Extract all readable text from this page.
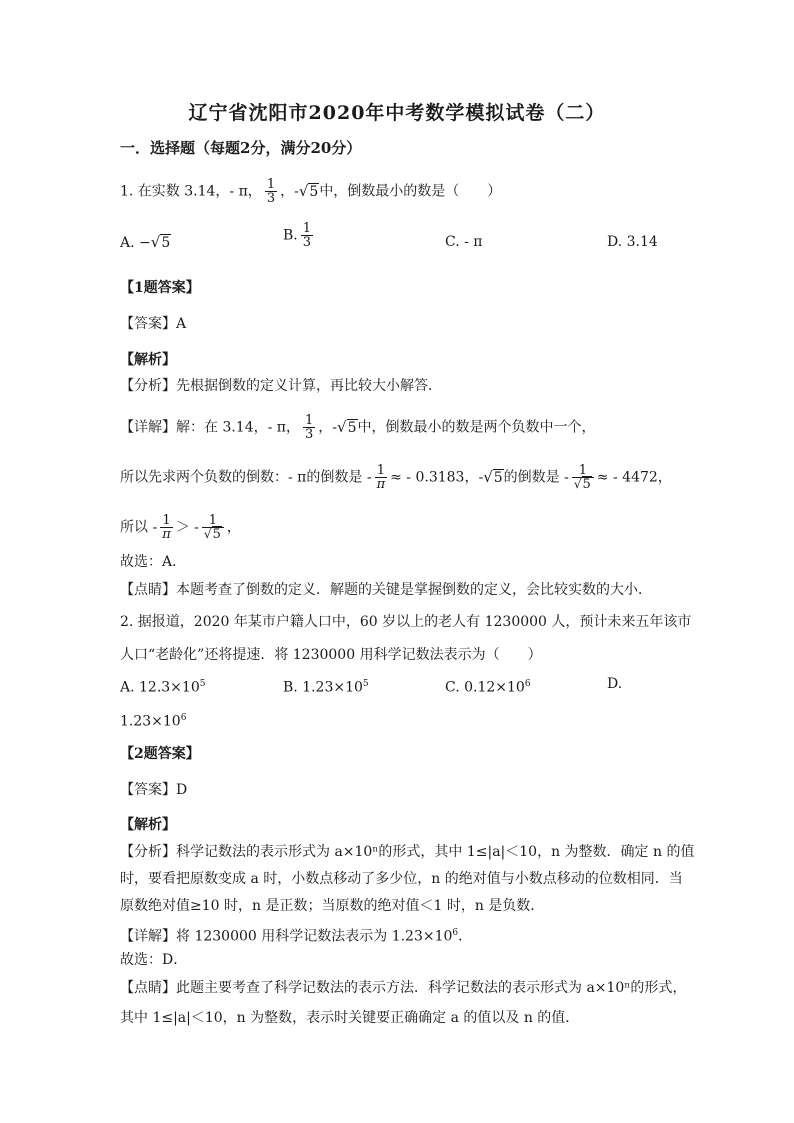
辽宁省沈阳市2020年中考数学模拟试卷（二）
一．选择题（每题2分，满分20分）
1. 在实数 3.14，- π， $\frac{1}{3}$ ，-√5中，倒数最小的数是（　　）
A. −√5	B. $\frac{1}{3}$	C. - π	D. 3.14
【1题答案】
【答案】A
【解析】
【分析】先根据倒数的定义计算，再比较大小解答．
【详解】解：在 3.14，- π， $\frac{1}{3}$ ，-√5中，倒数最小的数是两个负数中一个，
所以先求两个负数的倒数：- π的倒数是 - $\frac{1}{\pi}$ ≈ - 0.3183，-√5的倒数是 - $\frac{1}{√5}$ ≈ - 4472，
所以 - $\frac{1}{\pi}$ ＞ - $\frac{1}{√5}$ ，
故选：A．
【点睛】本题考查了倒数的定义．解题的关键是掌握倒数的定义，会比较实数的大小．
2. 据报道，2020 年某市户籍人口中，60 岁以上的老人有 1230000 人，预计未来五年该市
人口“老龄化”还将提速．将 1230000 用科学记数法表示为（　　）
A. $12.3\times 10^5$	B. $1.23\times 10^5$	C. $0.12\times 10^6$	D.
$1.23\times 10^6$
【2题答案】
【答案】D
【解析】
【分析】科学记数法的表示形式为 a×10ⁿ的形式，其中 1≤|a|＜10，n 为整数．确定 n 的值
时，要看把原数变成 a 时，小数点移动了多少位，n 的绝对值与小数点移动的位数相同．当
原数绝对值≥10 时，n 是正数；当原数的绝对值＜1 时，n 是负数．
【详解】将 1230000 用科学记数法表示为 $1.23\times 10^6$．
故选：D．
【点睛】此题主要考查了科学记数法的表示方法．科学记数法的表示形式为 a×10ⁿ的形式，
其中 1≤|a|＜10，n 为整数，表示时关键要正确确定 a 的值以及 n 的值．
